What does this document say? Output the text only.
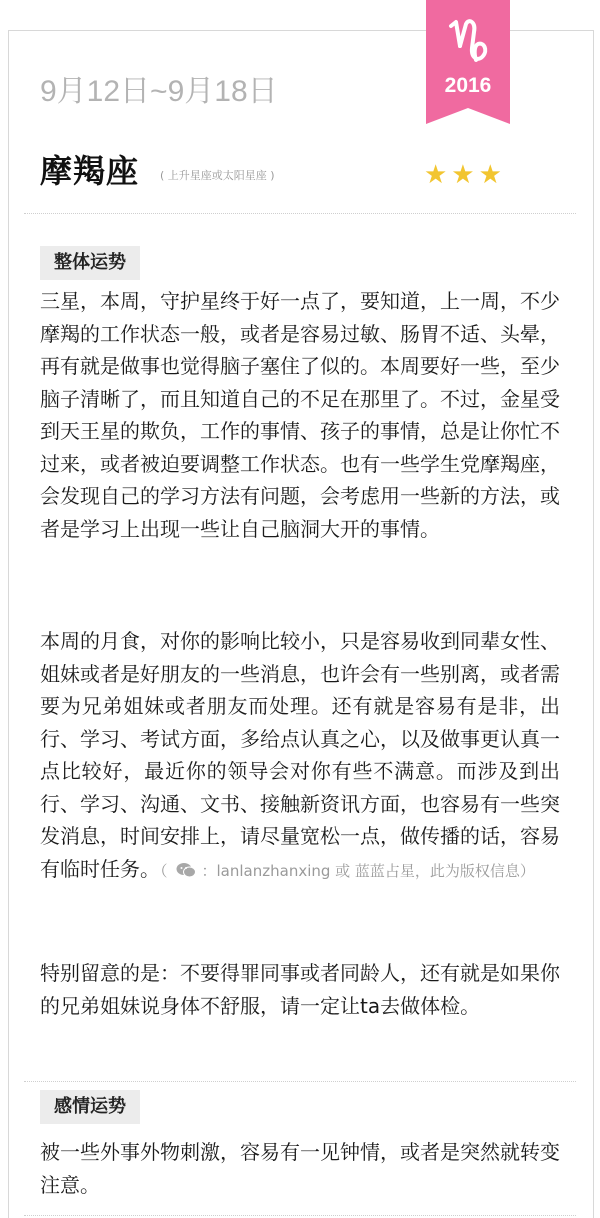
9月12日~9月18日	2016
摩羯座 ( 上升星座或太阳星座 )	★★★
整体运势
三星，本周，守护星终于好一点了，要知道，上一周，不少摩羯的工作状态一般，或者是容易过敏、肠胃不适、头晕，再有就是做事也觉得脑子塞住了似的。本周要好一些，至少脑子清晰了，而且知道自己的不足在那里了。不过，金星受到天王星的欺负，工作的事情、孩子的事情，总是让你忙不过来，或者被迫要调整工作状态。也有一些学生党摩羯座，会发现自己的学习方法有问题，会考虑用一些新的方法，或者是学习上出现一些让自己脑洞大开的事情。
本周的月食，对你的影响比较小，只是容易收到同辈女性、姐妹或者是好朋友的一些消息，也许会有一些别离，或者需要为兄弟姐妹或者朋友而处理。还有就是容易有是非，出行、学习、考试方面，多给点认真之心，以及做事更认真一点比较好，最近你的领导会对你有些不满意。而涉及到出行、学习、沟通、文书、接触新资讯方面，也容易有一些突发消息，时间安排上，请尽量宽松一点，做传播的话，容易有临时任务。（ ：lanlanzhanxing 或 蓝蓝占星，此为版权信息）
特别留意的是：不要得罪同事或者同龄人，还有就是如果你的兄弟姐妹说身体不舒服，请一定让ta去做体检。
感情运势
被一些外事外物刺激，容易有一见钟情，或者是突然就转变注意。
